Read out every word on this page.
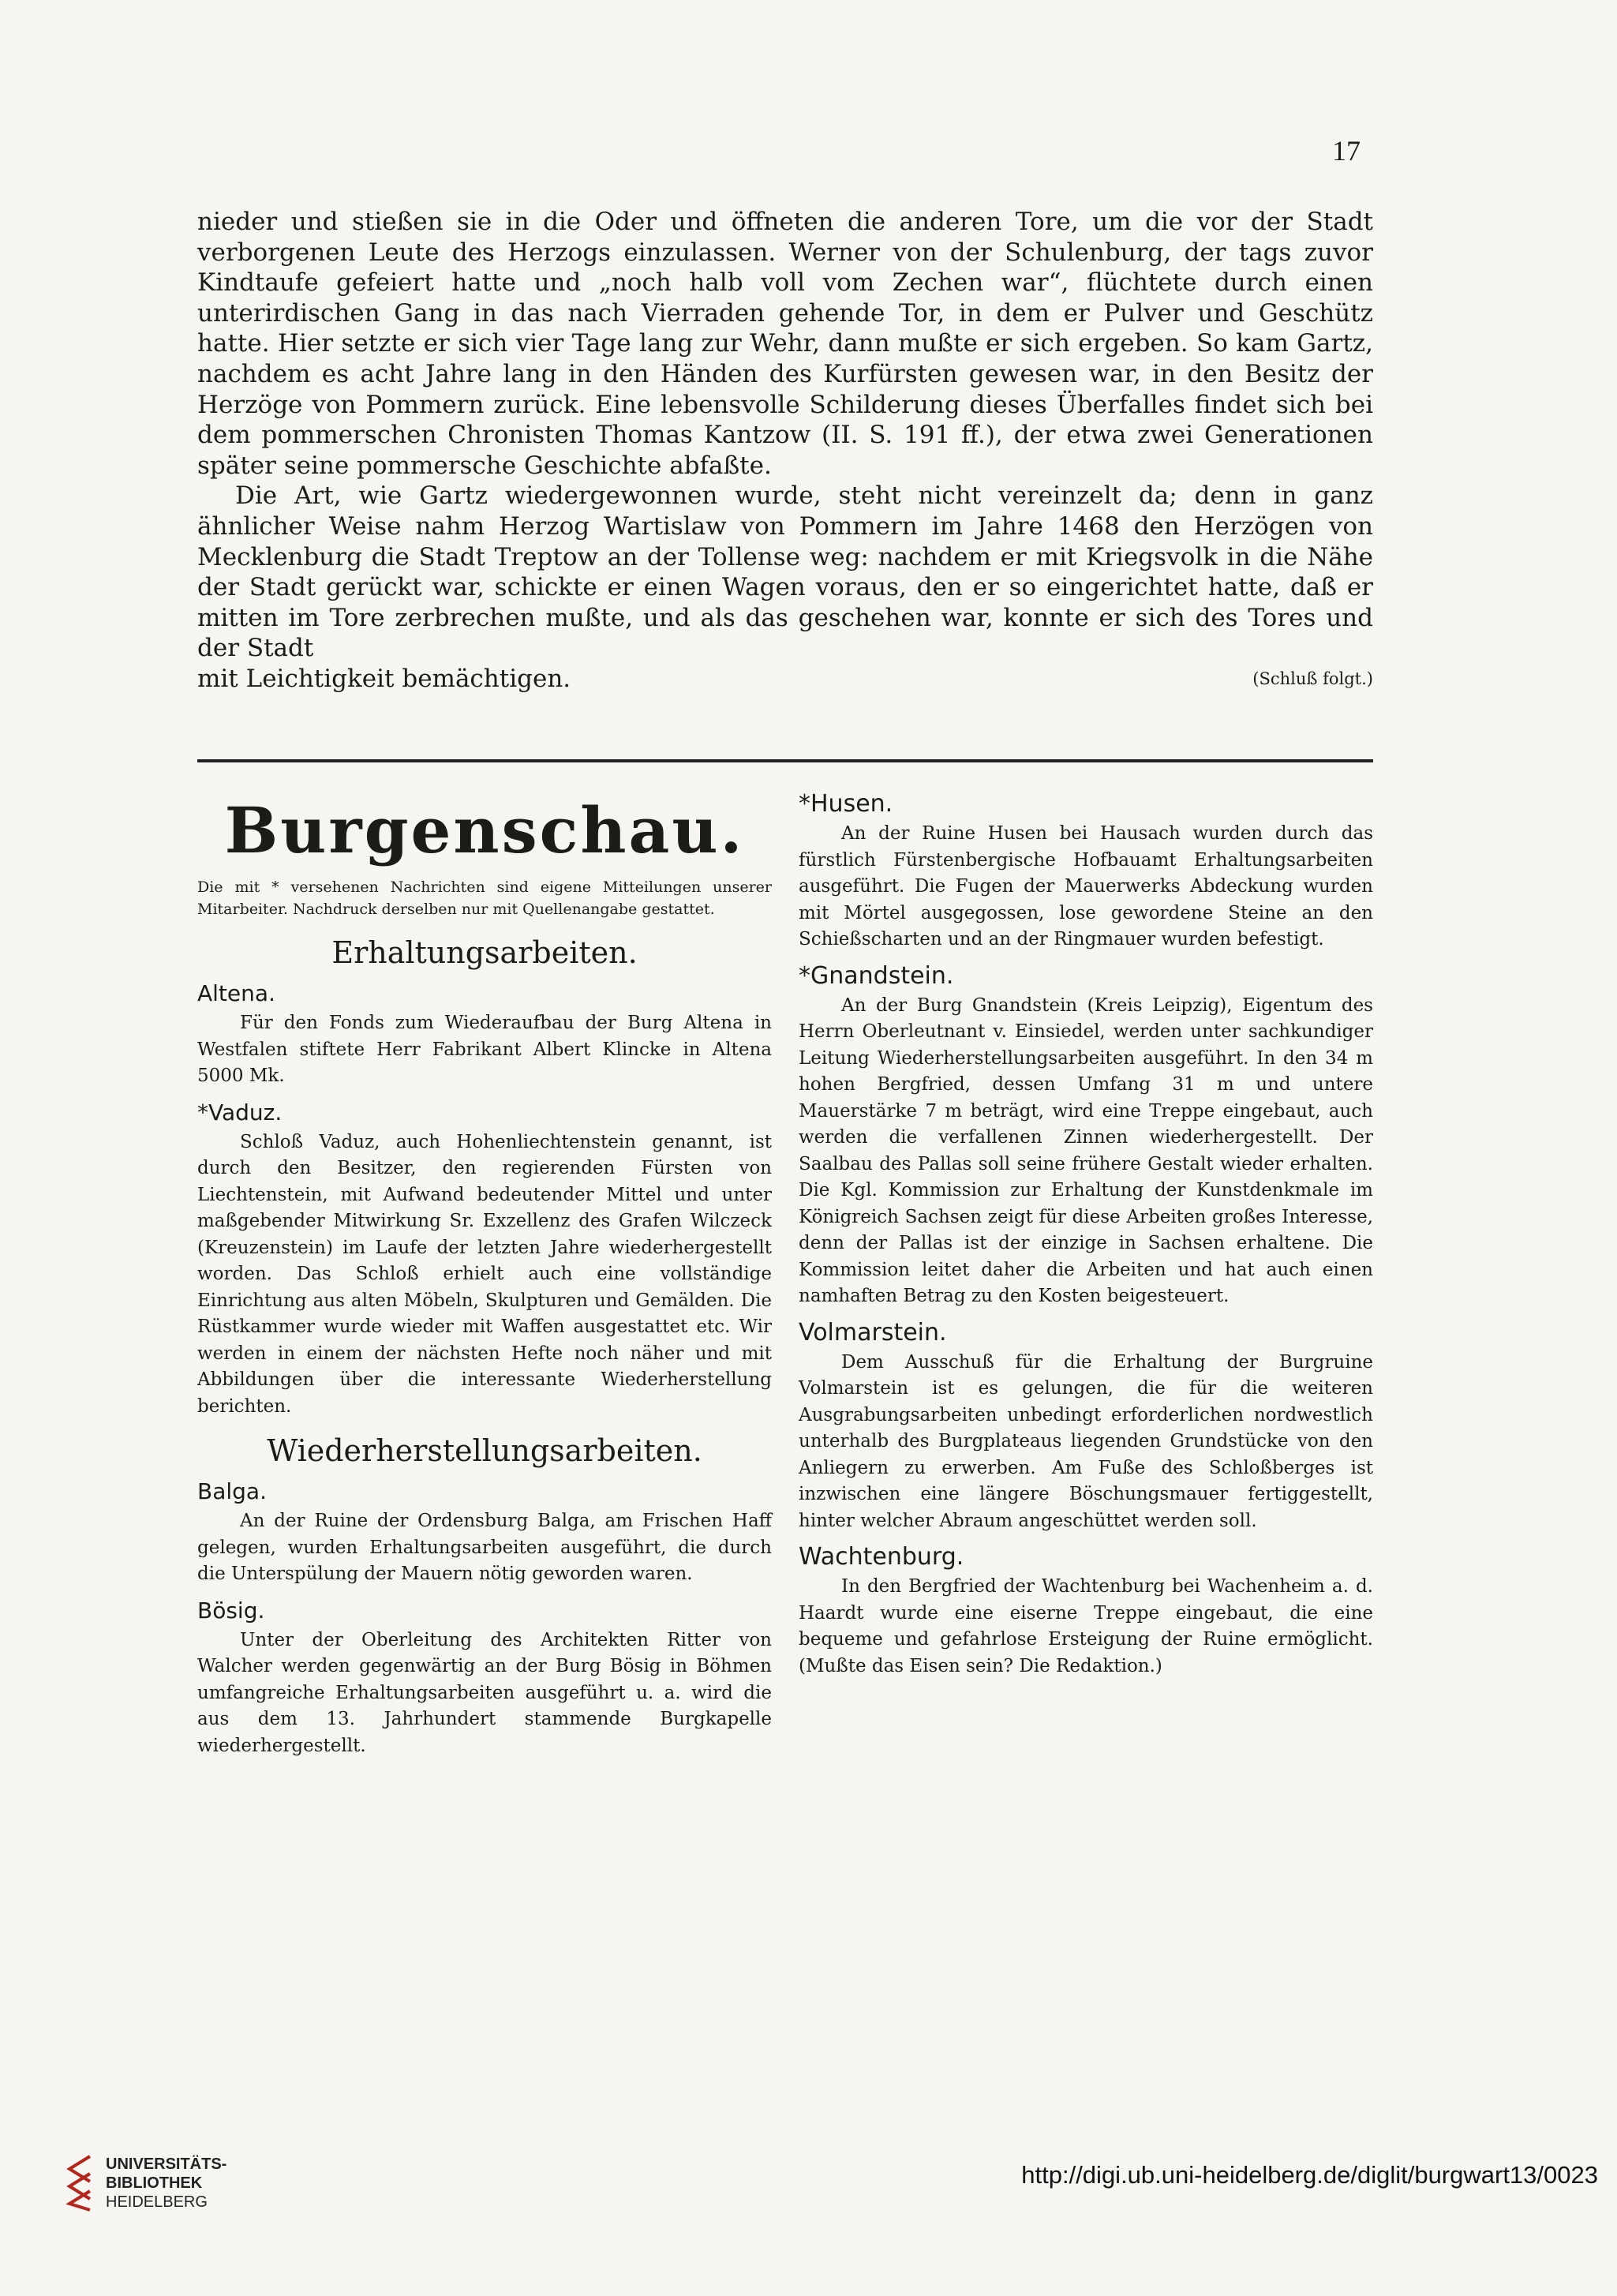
17

nieder und stießen sie in die Oder und öffneten die anderen Tore, um die vor der Stadt verborgenen Leute des Herzogs einzulassen. Werner von der Schulenburg, der tags zuvor Kindtaufe gefeiert hatte und „noch halb voll vom Zechen war“, flüchtete durch einen unterirdischen Gang in das nach Vierraden gehende Tor, in dem er Pulver und Geschütz hatte. Hier setzte er sich vier Tage lang zur Wehr, dann mußte er sich ergeben. So kam Gartz, nachdem es acht Jahre lang in den Händen des Kurfürsten gewesen war, in den Besitz der Herzöge von Pommern zurück. Eine lebensvolle Schilderung dieses Überfalles findet sich bei dem pommerschen Chronisten Thomas Kantzow (II. S. 191 ff.), der etwa zwei Generationen später seine pommersche Geschichte abfaßte.

Die Art, wie Gartz wiedergewonnen wurde, steht nicht vereinzelt da; denn in ganz ähnlicher Weise nahm Herzog Wartislaw von Pommern im Jahre 1468 den Herzögen von Mecklenburg die Stadt Treptow an der Tollense weg: nachdem er mit Kriegsvolk in die Nähe der Stadt gerückt war, schickte er einen Wagen voraus, den er so eingerichtet hatte, daß er mitten im Tore zerbrechen mußte, und als das geschehen war, konnte er sich des Tores und der Stadt

mit Leichtigkeit bemächtigen.	(Schluß folgt.)
Burgenschau.

Die mit * versehenen Nachrichten sind eigene Mitteilungen unserer Mitarbeiter. Nachdruck derselben nur mit Quellenangabe gestattet.

Erhaltungsarbeiten.
Altena.

Für den Fonds zum Wiederaufbau der Burg Altena in Westfalen stiftete Herr Fabrikant Albert Klincke in Altena 5000 Mk.

*Vaduz.

Schloß Vaduz, auch Hohenliechtenstein genannt, ist durch den Besitzer, den regierenden Fürsten von Liechtenstein, mit Aufwand bedeutender Mittel und unter maßgebender Mitwirkung Sr. Exzellenz des Grafen Wilczeck (Kreuzenstein) im Laufe der letzten Jahre wiederhergestellt worden. Das Schloß erhielt auch eine vollständige Einrichtung aus alten Möbeln, Skulpturen und Gemälden. Die Rüstkammer wurde wieder mit Waffen ausgestattet etc. Wir werden in einem der nächsten Hefte noch näher und mit Abbildungen über die interessante Wiederherstellung berichten.

Wiederherstellungsarbeiten.
Balga.

An der Ruine der Ordensburg Balga, am Frischen Haff gelegen, wurden Erhaltungsarbeiten ausgeführt, die durch die Unterspülung der Mauern nötig geworden waren.

Bösig.

Unter der Oberleitung des Architekten Ritter von Walcher werden gegenwärtig an der Burg Bösig in Böhmen umfangreiche Erhaltungsarbeiten ausgeführt u. a. wird die aus dem 13. Jahrhundert stammende Burgkapelle wiederhergestellt.

*Husen.

An der Ruine Husen bei Hausach wurden durch das fürstlich Fürstenbergische Hofbauamt Erhaltungsarbeiten ausgeführt. Die Fugen der Mauerwerks Abdeckung wurden mit Mörtel ausgegossen, lose gewordene Steine an den Schießscharten und an der Ringmauer wurden befestigt.

*Gnandstein.

An der Burg Gnandstein (Kreis Leipzig), Eigentum des Herrn Oberleutnant v. Einsiedel, werden unter sachkundiger Leitung Wiederherstellungsarbeiten ausgeführt. In den 34 m hohen Bergfried, dessen Umfang 31 m und untere Mauerstärke 7 m beträgt, wird eine Treppe eingebaut, auch werden die verfallenen Zinnen wiederhergestellt. Der Saalbau des Pallas soll seine frühere Gestalt wieder erhalten. Die Kgl. Kommission zur Erhaltung der Kunstdenkmale im Königreich Sachsen zeigt für diese Arbeiten großes Interesse, denn der Pallas ist der einzige in Sachsen erhaltene. Die Kommission leitet daher die Arbeiten und hat auch einen namhaften Betrag zu den Kosten beigesteuert.

Volmarstein.

Dem Ausschuß für die Erhaltung der Burgruine Volmarstein ist es gelungen, die für die weiteren Ausgrabungsarbeiten unbedingt erforderlichen nordwestlich unterhalb des Burgplateaus liegenden Grundstücke von den Anliegern zu erwerben. Am Fuße des Schloßberges ist inzwischen eine längere Böschungsmauer fertiggestellt, hinter welcher Abraum angeschüttet werden soll.

Wachtenburg.

In den Bergfried der Wachtenburg bei Wachenheim a. d. Haardt wurde eine eiserne Treppe eingebaut, die eine bequeme und gefahrlose Ersteigung der Ruine ermöglicht. (Mußte das Eisen sein? Die Redaktion.)

UNIVERSITÄTS-
BIBLIOTHEK
HEIDELBERG
http://digi.ub.uni-heidelberg.de/diglit/burgwart13/0023
